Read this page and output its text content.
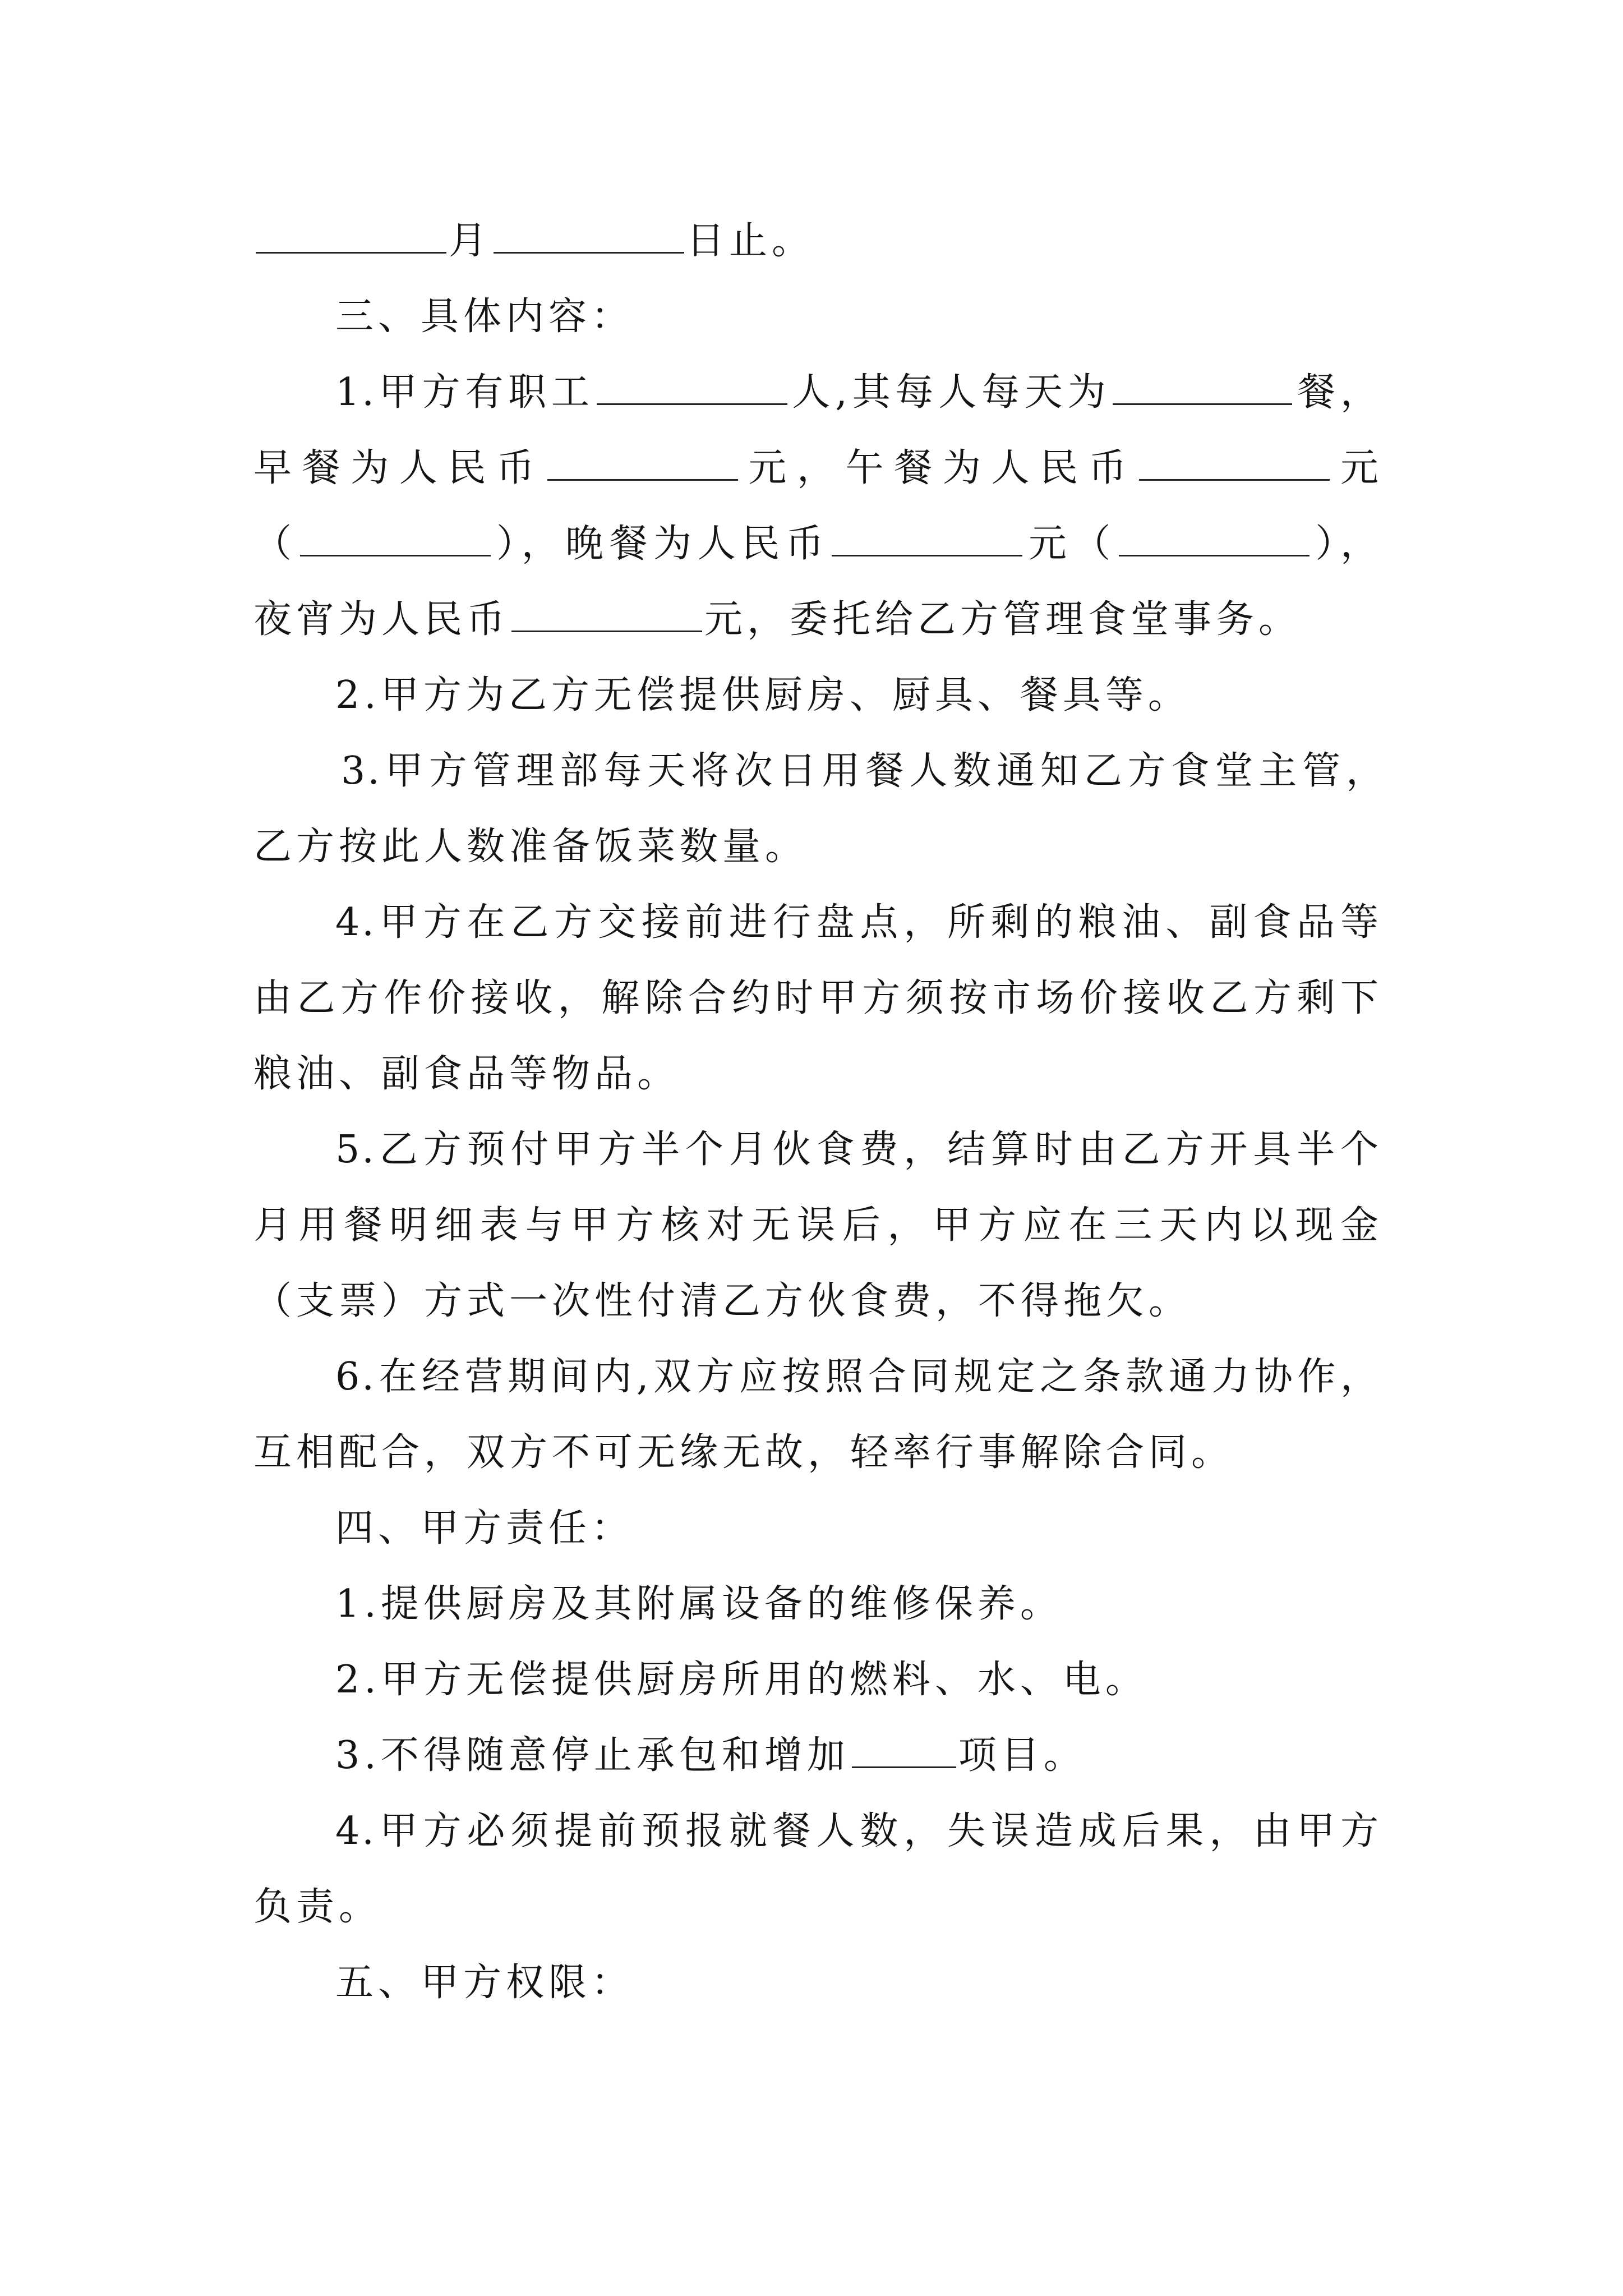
月	日止。
三、具体内容：
1.甲方有职工	人,其每人每天为	餐，
早餐为人民币	元，午餐为人民币	元
（	），晚餐为人民币	元（	），
夜宵为人民币	元，委托给乙方管理食堂事务。
2.甲方为乙方无偿提供厨房、厨具、餐具等。
3.甲方管理部每天将次日用餐人数通知乙方食堂主管，
乙方按此人数准备饭菜数量。
4.甲方在乙方交接前进行盘点，所剩的粮油、副食品等
由乙方作价接收，解除合约时甲方须按市场价接收乙方剩下
粮油、副食品等物品。
5.乙方预付甲方半个月伙食费，结算时由乙方开具半个
月用餐明细表与甲方核对无误后，甲方应在三天内以现金
（支票）方式一次性付清乙方伙食费，不得拖欠。
6.在经营期间内,双方应按照合同规定之条款通力协作，
互相配合，双方不可无缘无故，轻率行事解除合同。
四、甲方责任：
1.提供厨房及其附属设备的维修保养。
2.甲方无偿提供厨房所用的燃料、水、电。
3.不得随意停止承包和增加	项目。
4.甲方必须提前预报就餐人数，失误造成后果，由甲方
负责。
五、甲方权限：
